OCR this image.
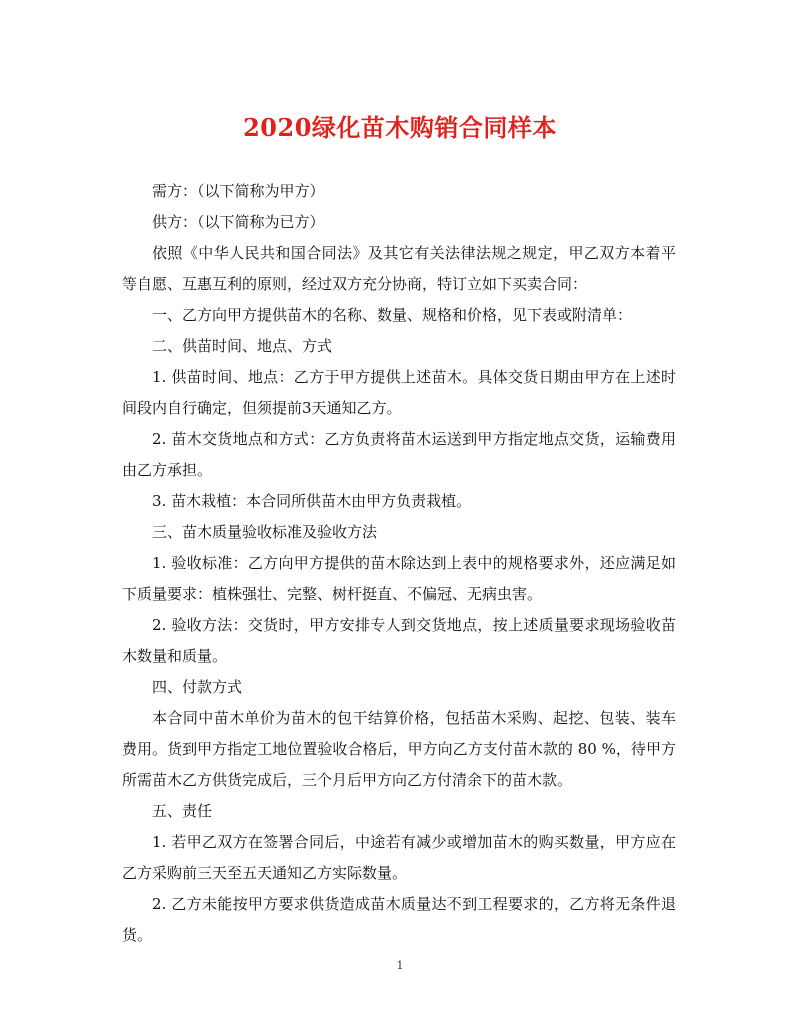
2020绿化苗木购销合同样本

需方：（以下简称为甲方）

供方：（以下简称为已方）

依照《中华人民共和国合同法》及其它有关法律法规之规定，甲乙双方本着平等自愿、互惠互利的原则，经过双方充分协商，特订立如下买卖合同：

一、乙方向甲方提供苗木的名称、数量、规格和价格，见下表或附清单：

二、供苗时间、地点、方式

1. 供苗时间、地点：乙方于甲方提供上述苗木。具体交货日期由甲方在上述时间段内自行确定，但须提前3天通知乙方。

2. 苗木交货地点和方式：乙方负责将苗木运送到甲方指定地点交货，运输费用由乙方承担。

3. 苗木栽植：本合同所供苗木由甲方负责栽植。

三、苗木质量验收标准及验收方法

1. 验收标准：乙方向甲方提供的苗木除达到上表中的规格要求外，还应满足如下质量要求：植株强壮、完整、树杆挺直、不偏冠、无病虫害。

2. 验收方法：交货时，甲方安排专人到交货地点，按上述质量要求现场验收苗木数量和质量。

四、付款方式

本合同中苗木单价为苗木的包干结算价格，包括苗木采购、起挖、包装、装车费用。货到甲方指定工地位置验收合格后，甲方向乙方支付苗木款的 80 %，待甲方所需苗木乙方供货完成后，三个月后甲方向乙方付清余下的苗木款。

五、责任

1. 若甲乙双方在签署合同后，中途若有减少或增加苗木的购买数量，甲方应在乙方采购前三天至五天通知乙方实际数量。

2. 乙方未能按甲方要求供货造成苗木质量达不到工程要求的，乙方将无条件退货。

1
